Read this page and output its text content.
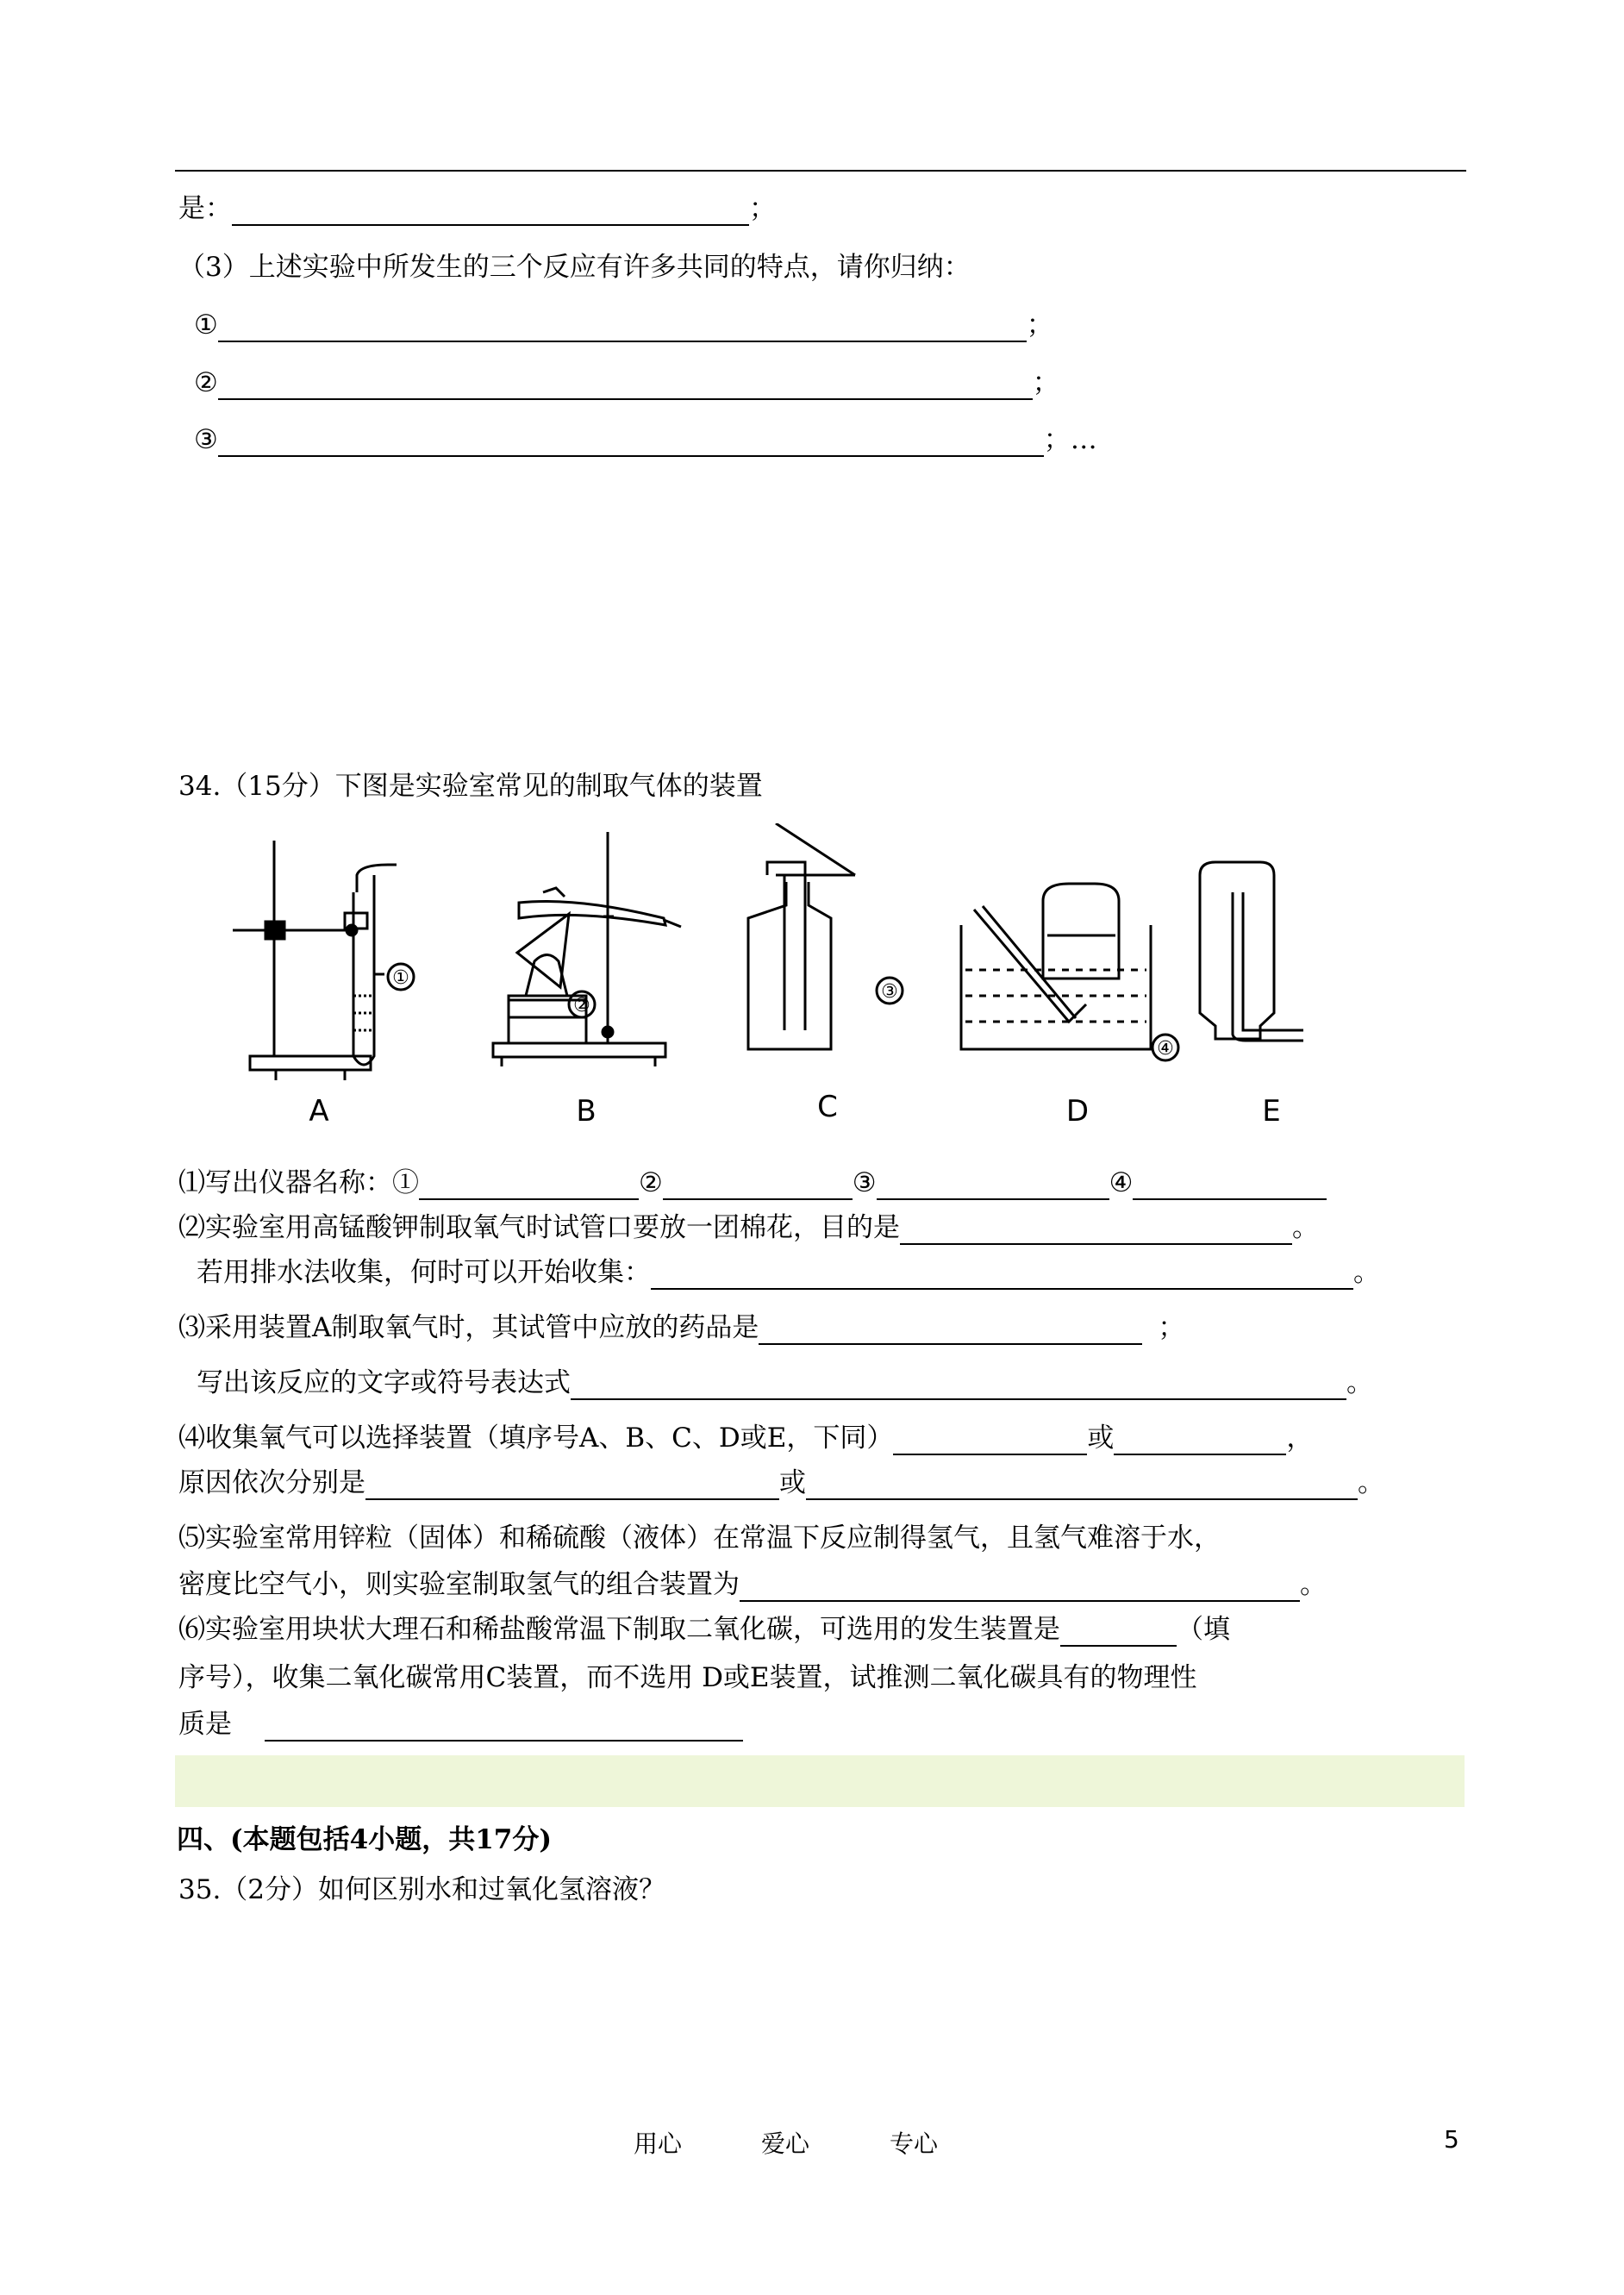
是：	；
（3）上述实验中所发生的三个反应有许多共同的特点，请你归纳：
①	；
②	；
③	；…
34.（15分）下图是实验室常见的制取气体的装置
①
②
③
④
A	B	C	D	E
⑴写出仪器名称：①	②	③	④
⑵实验室用高锰酸钾制取氧气时试管口要放一团棉花，目的是	。
若用排水法收集，何时可以开始收集：	。
⑶采用装置A制取氧气时，其试管中应放的药品是	；
写出该反应的文字或符号表达式	。
⑷收集氧气可以选择装置（填序号A、B、C、D或E，下同）	或	，
原因依次分别是	或	。
⑸实验室常用锌粒（固体）和稀硫酸（液体）在常温下反应制得氢气，且氢气难溶于水，
密度比空气小，则实验室制取氢气的组合装置为	。
⑹实验室用块状大理石和稀盐酸常温下制取二氧化碳，可选用的发生装置是	（填
序号），收集二氧化碳常用C装置，而不选用 D或E装置，试推测二氧化碳具有的物理性
质是
四、(本题包括4小题，共17分)
35.（2分）如何区别水和过氧化氢溶液？
用心	爱心	专心	5
